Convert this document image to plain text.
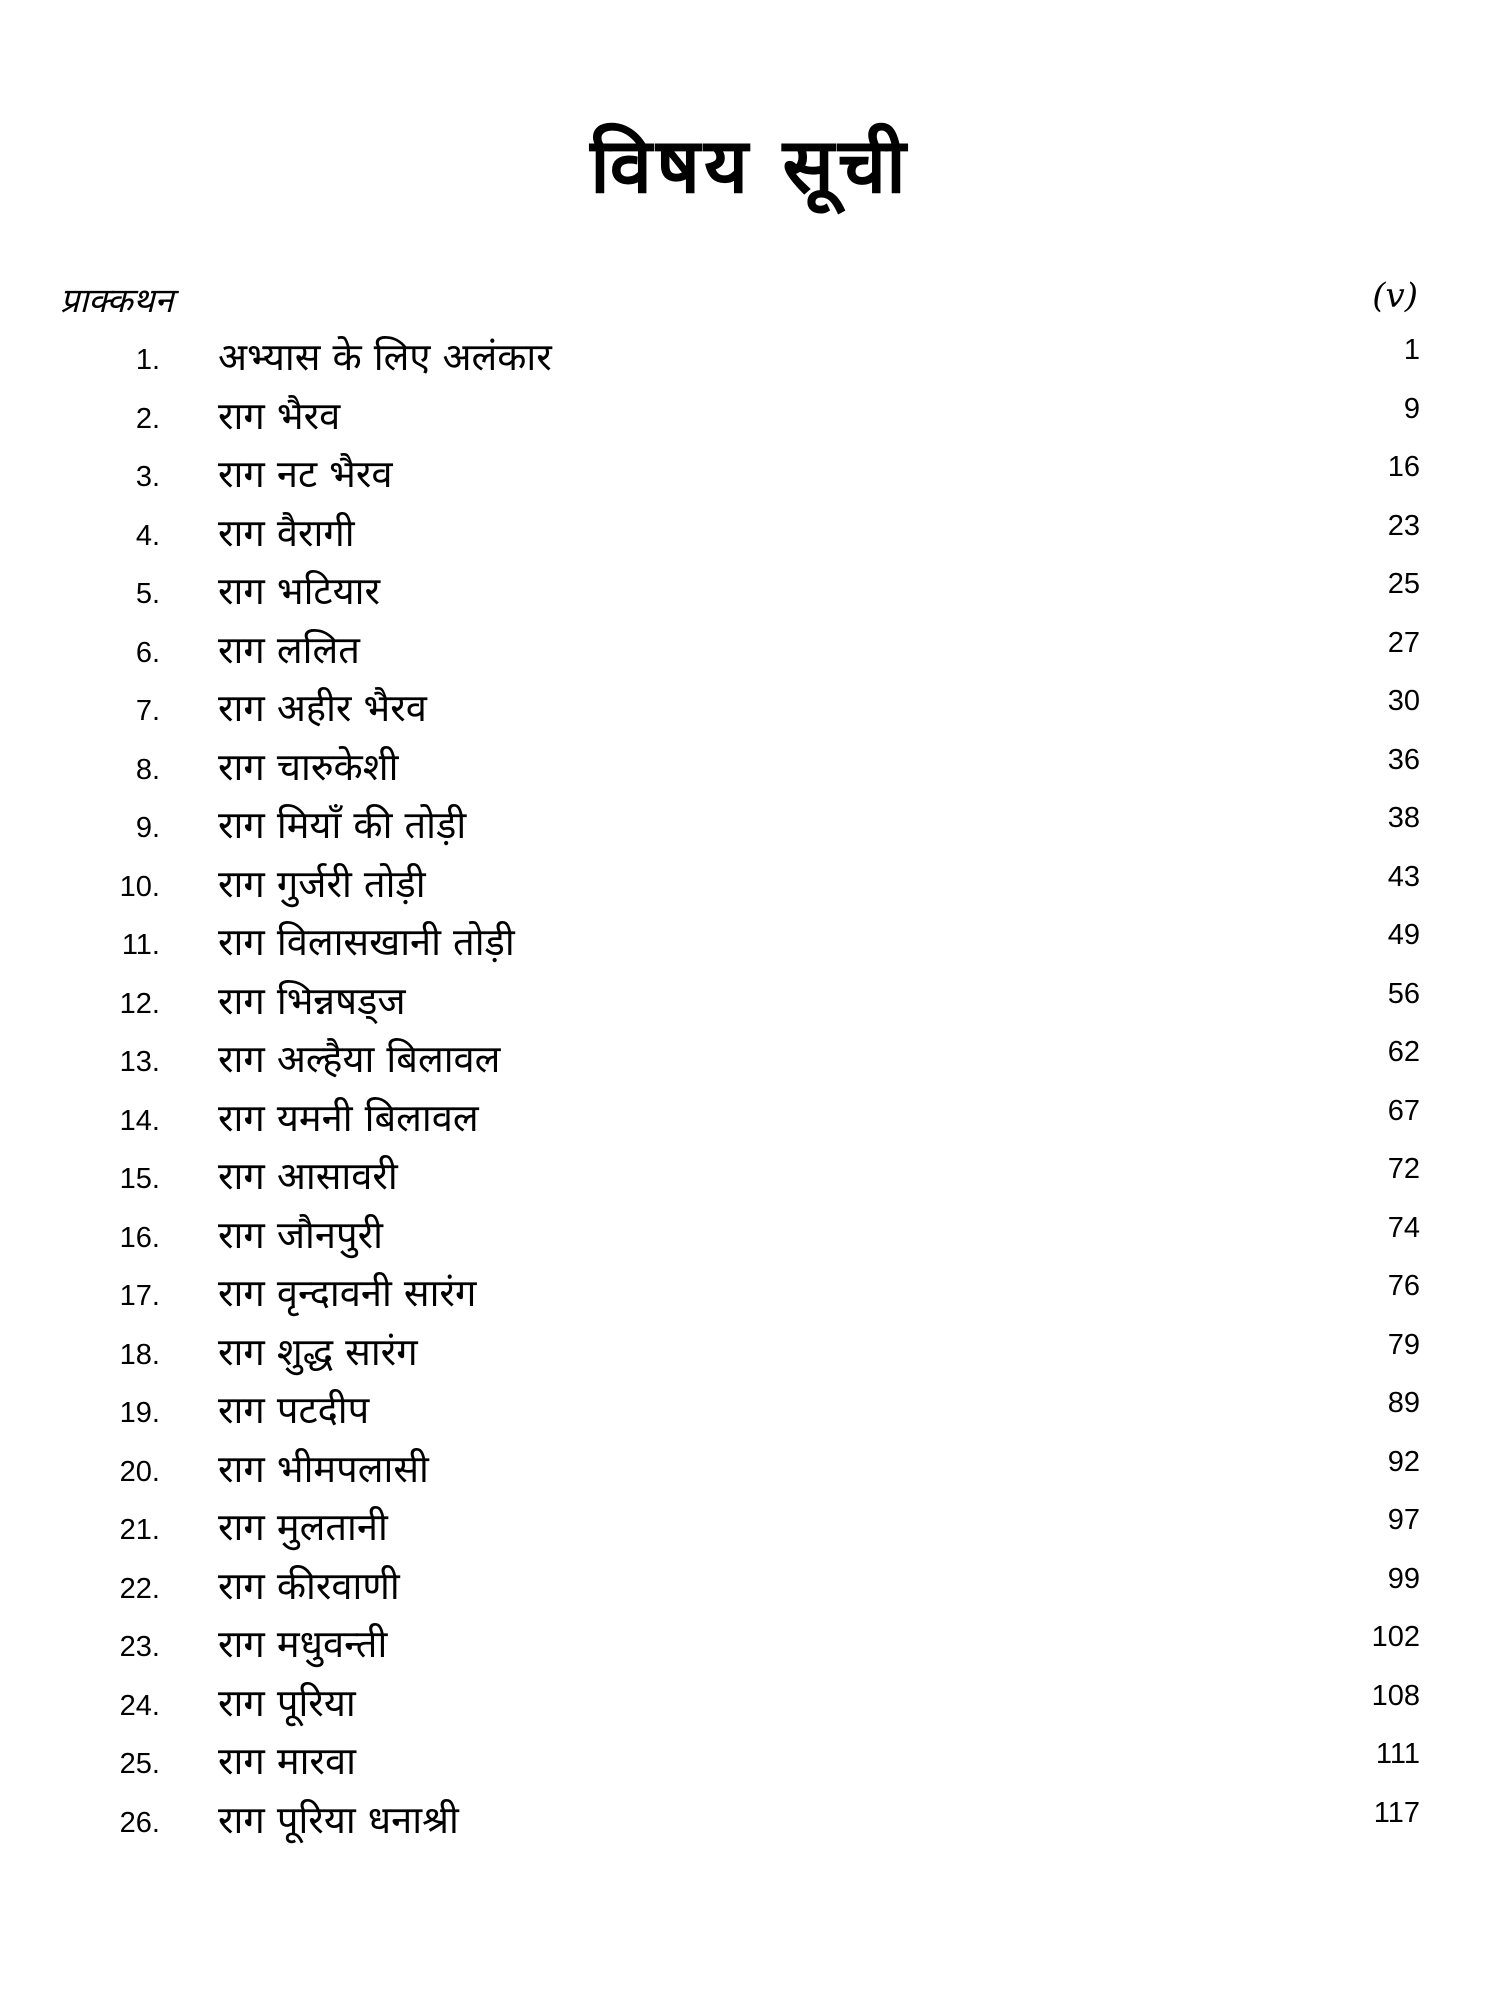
विषय सूची
प्राक्कथन	(v)
1. अभ्यास के लिए अलंकार	1
2. राग भैरव	9
3. राग नट भैरव	16
4. राग वैरागी	23
5. राग भटियार	25
6. राग ललित	27
7. राग अहीर भैरव	30
8. राग चारुकेशी	36
9. राग मियाँ की तोड़ी	38
10. राग गुर्जरी तोड़ी	43
11. राग विलासखानी तोड़ी	49
12. राग भिन्नषड्ज	56
13. राग अल्हैया बिलावल	62
14. राग यमनी बिलावल	67
15. राग आसावरी	72
16. राग जौनपुरी	74
17. राग वृन्दावनी सारंग	76
18. राग शुद्ध सारंग	79
19. राग पटदीप	89
20. राग भीमपलासी	92
21. राग मुलतानी	97
22. राग कीरवाणी	99
23. राग मधुवन्ती	102
24. राग पूरिया	108
25. राग मारवा	111
26. राग पूरिया धनाश्री	117
